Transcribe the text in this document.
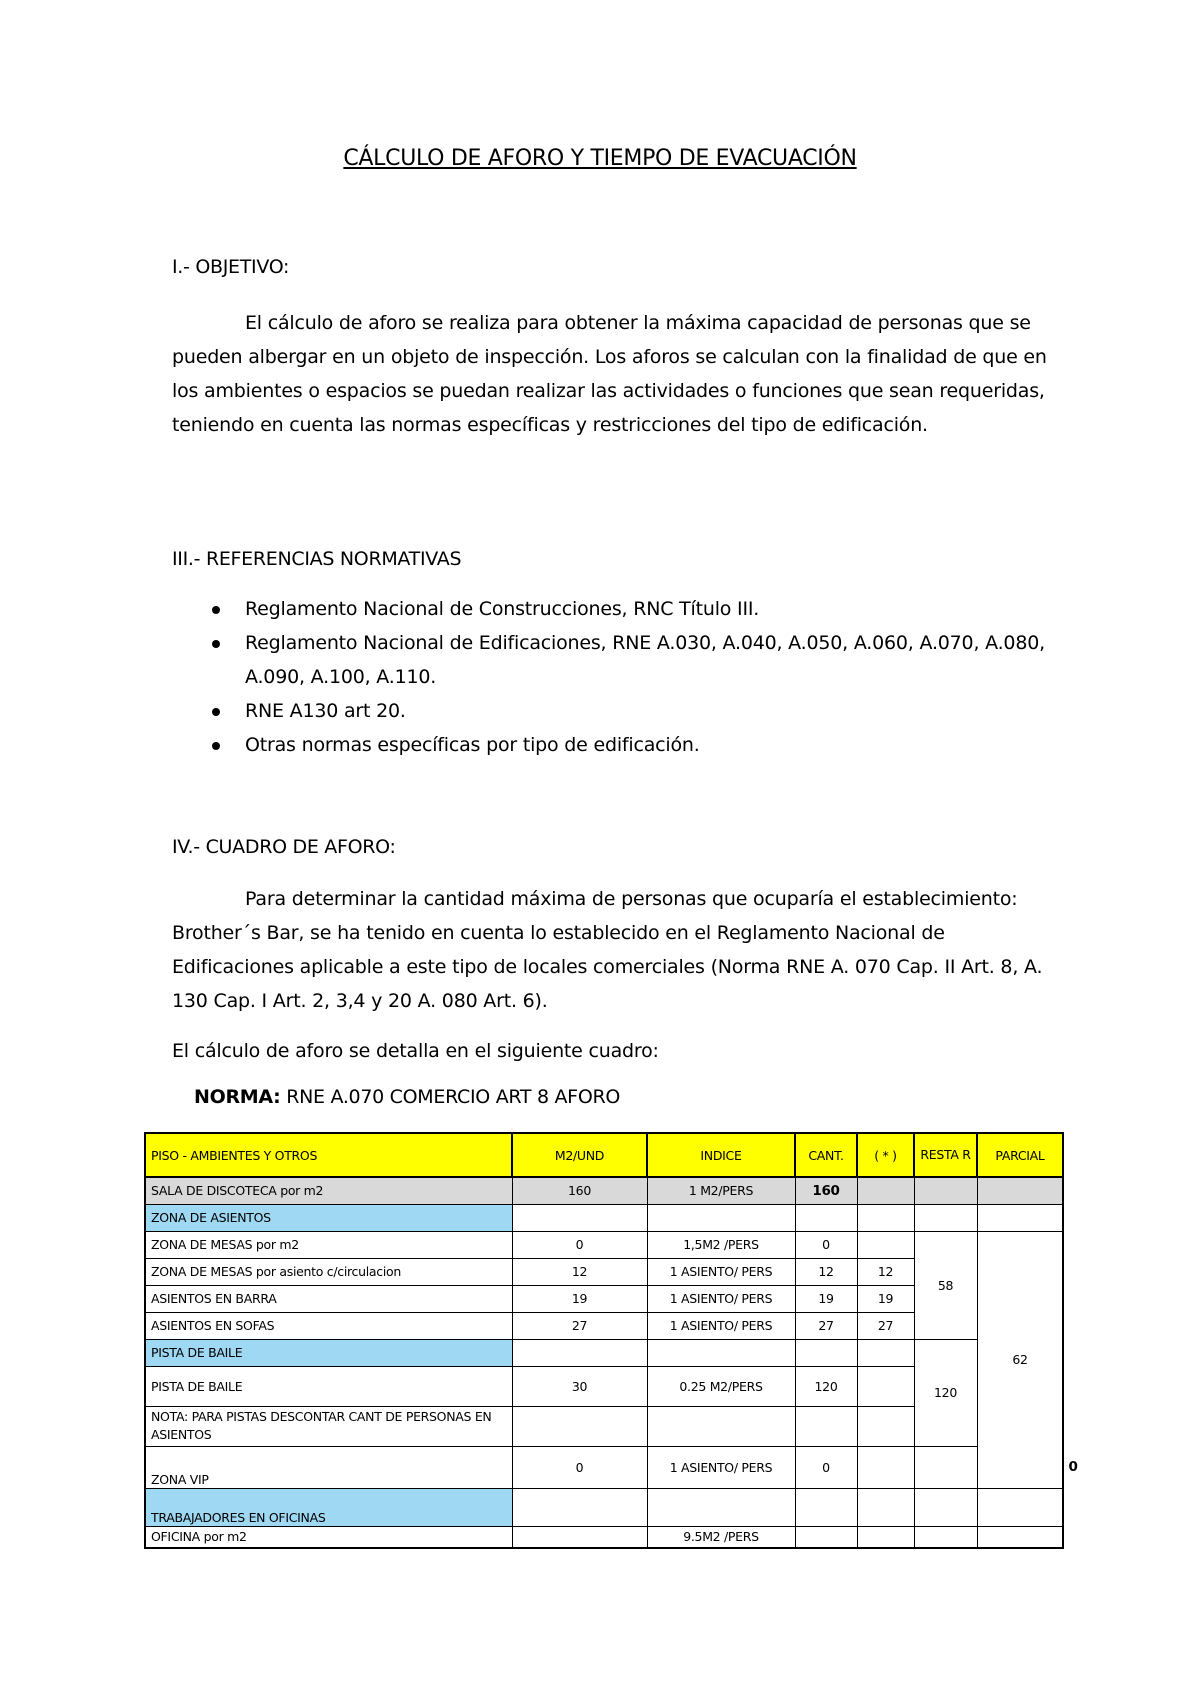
CÁLCULO DE AFORO Y TIEMPO DE EVACUACIÓN
I.- OBJETIVO:
El cálculo de aforo se realiza para obtener la máxima capacidad de personas que se pueden albergar en un objeto de inspección. Los aforos se calculan con la finalidad de que en los ambientes o espacios se puedan realizar las actividades o funciones que sean requeridas, teniendo en cuenta las normas específicas y restricciones del tipo de edificación.
III.- REFERENCIAS NORMATIVAS
Reglamento Nacional de Construcciones, RNC Título III.
Reglamento Nacional de Edificaciones, RNE A.030, A.040, A.050, A.060, A.070, A.080, A.090, A.100, A.110.
RNE A130 art 20.
Otras normas específicas por tipo de edificación.
IV.- CUADRO DE AFORO:
Para determinar la cantidad máxima de personas que ocuparía el establecimiento: Brother´s Bar, se ha tenido en cuenta lo establecido en el Reglamento Nacional de Edificaciones aplicable a este tipo de locales comerciales (Norma RNE A. 070 Cap. II Art. 8, A. 130 Cap. I Art. 2, 3,4 y 20 A. 080 Art. 6).
El cálculo de aforo se detalla en el siguiente cuadro:
NORMA: RNE A.070 COMERCIO ART 8 AFORO
PISO - AMBIENTES Y OTROS	M2/UND	INDICE	CANT.	( * )	RESTA R	PARCIAL	
SALA DE DISCOTECA por m2	160	1 M2/PERS	160				
ZONA DE ASIENTOS							
ZONA DE MESAS por m2	0	1,5M2 /PERS	0		58	62	
ZONA DE MESAS por asiento c/circulacion	12	1 ASIENTO/ PERS	12	12			
ASIENTOS EN BARRA	19	1 ASIENTO/ PERS	19	19			
ASIENTOS EN SOFAS	27	1 ASIENTO/ PERS	27	27			
PISTA DE BAILE					120		
PISTA DE BAILE	30	0.25 M2/PERS	120				
NOTA: PARA PISTAS DESCONTAR CANT DE PERSONAS EN ASIENTOS							
ZONA VIP	0	1 ASIENTO/ PERS	0				0
TRABAJADORES EN OFICINAS							
OFICINA por m2		9.5M2 /PERS					
